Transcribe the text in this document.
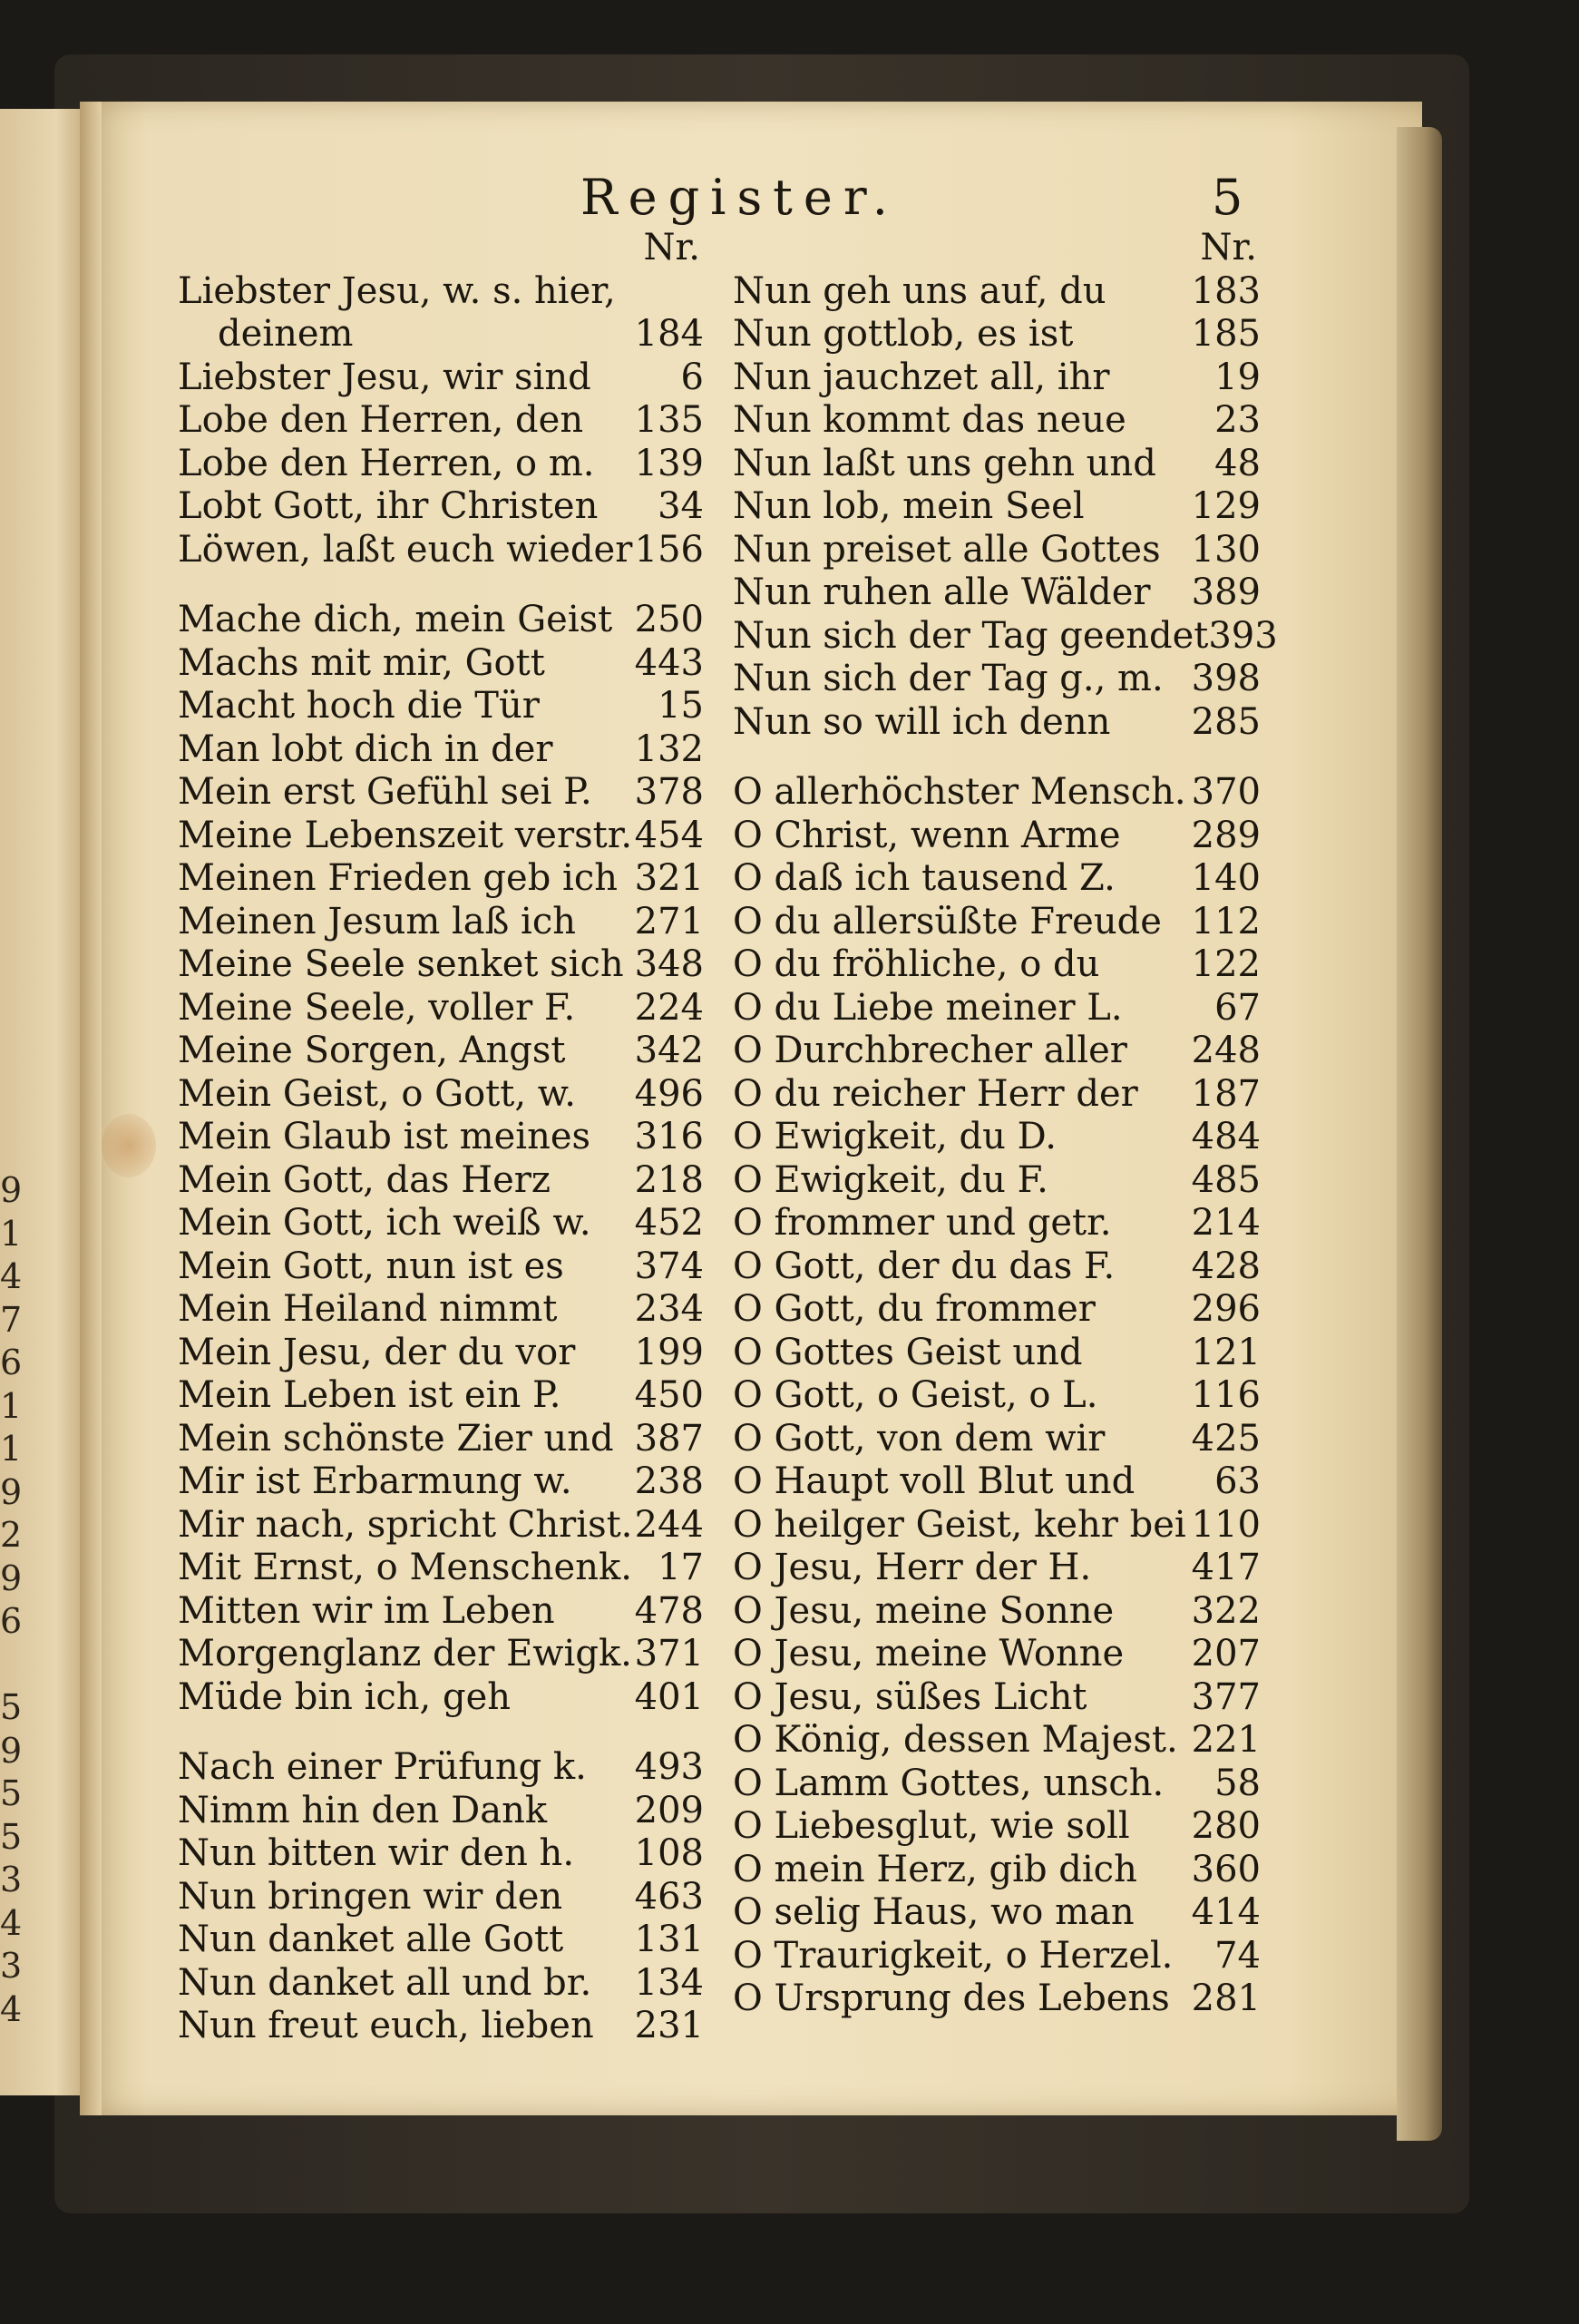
9
1
4
7
6
1
1
9
2
9
6
5
9
5
5
3
4
3
4
Register.	5
Nr.
Liebster Jesu, w. s. hier,
deinem	184
Liebster Jesu, wir sind	6
Lobe den Herren, den 135
Lobe den Herren, o m. 139
Lobt Gott, ihr Christen	34
Löwen, laßt euch wieder 156
Mache dich, mein Geist 250
Machs mit mir, Gott 443
Macht hoch die Tür	15
Man lobt dich in der 132
Mein erst Gefühl sei P. 378
Meine Lebenszeit verstr. 454
Meinen Frieden geb ich 321
Meinen Jesum laß ich 271
Meine Seele senket sich 348
Meine Seele, voller F. 224
Meine Sorgen, Angst 342
Mein Geist, o Gott, w. 496
Mein Glaub ist meines 316
Mein Gott, das Herz 218
Mein Gott, ich weiß w. 452
Mein Gott, nun ist es 374
Mein Heiland nimmt 234
Mein Jesu, der du vor 199
Mein Leben ist ein P. 450
Mein schönste Zier und 387
Mir ist Erbarmung w. 238
Mir nach, spricht Christ. 244
Mit Ernst, o Menschenk. 17
Mitten wir im Leben 478
Morgenglanz der Ewigk. 371
Müde bin ich, geh	401
Nach einer Prüfung k. 493
Nimm hin den Dank 209
Nun bitten wir den h. 108
Nun bringen wir den 463
Nun danket alle Gott 131
Nun danket all und br. 134
Nun freut euch, lieben 231
Nr.
Nun geh uns auf, du 183
Nun gottlob, es ist	185
Nun jauchzet all, ihr	19
Nun kommt das neue	23
Nun laßt uns gehn und	48
Nun lob, mein Seel	129
Nun preiset alle Gottes 130
Nun ruhen alle Wälder 389
Nun sich der Tag geendet 393
Nun sich der Tag g., m. 398
Nun so will ich denn 285
O allerhöchster Mensch. 370
O Christ, wenn Arme 289
O daß ich tausend Z. 140
O du allersüßte Freude 112
O du fröhliche, o du	122
O du Liebe meiner L.	67
O Durchbrecher aller 248
O du reicher Herr der 187
O Ewigkeit, du D.	484
O Ewigkeit, du F.	485
O frommer und getr. 214
O Gott, der du das F. 428
O Gott, du frommer	296
O Gottes Geist und	121
O Gott, o Geist, o L.	116
O Gott, von dem wir 425
O Haupt voll Blut und	63
O heilger Geist, kehr bei 110
O Jesu, Herr der H.	417
O Jesu, meine Sonne 322
O Jesu, meine Wonne 207
O Jesu, süßes Licht	377
O König, dessen Majest. 221
O Lamm Gottes, unsch.	58
O Liebesglut, wie soll 280
O mein Herz, gib dich 360
O selig Haus, wo man 414
O Traurigkeit, o Herzel.	74
O Ursprung des Lebens 281
